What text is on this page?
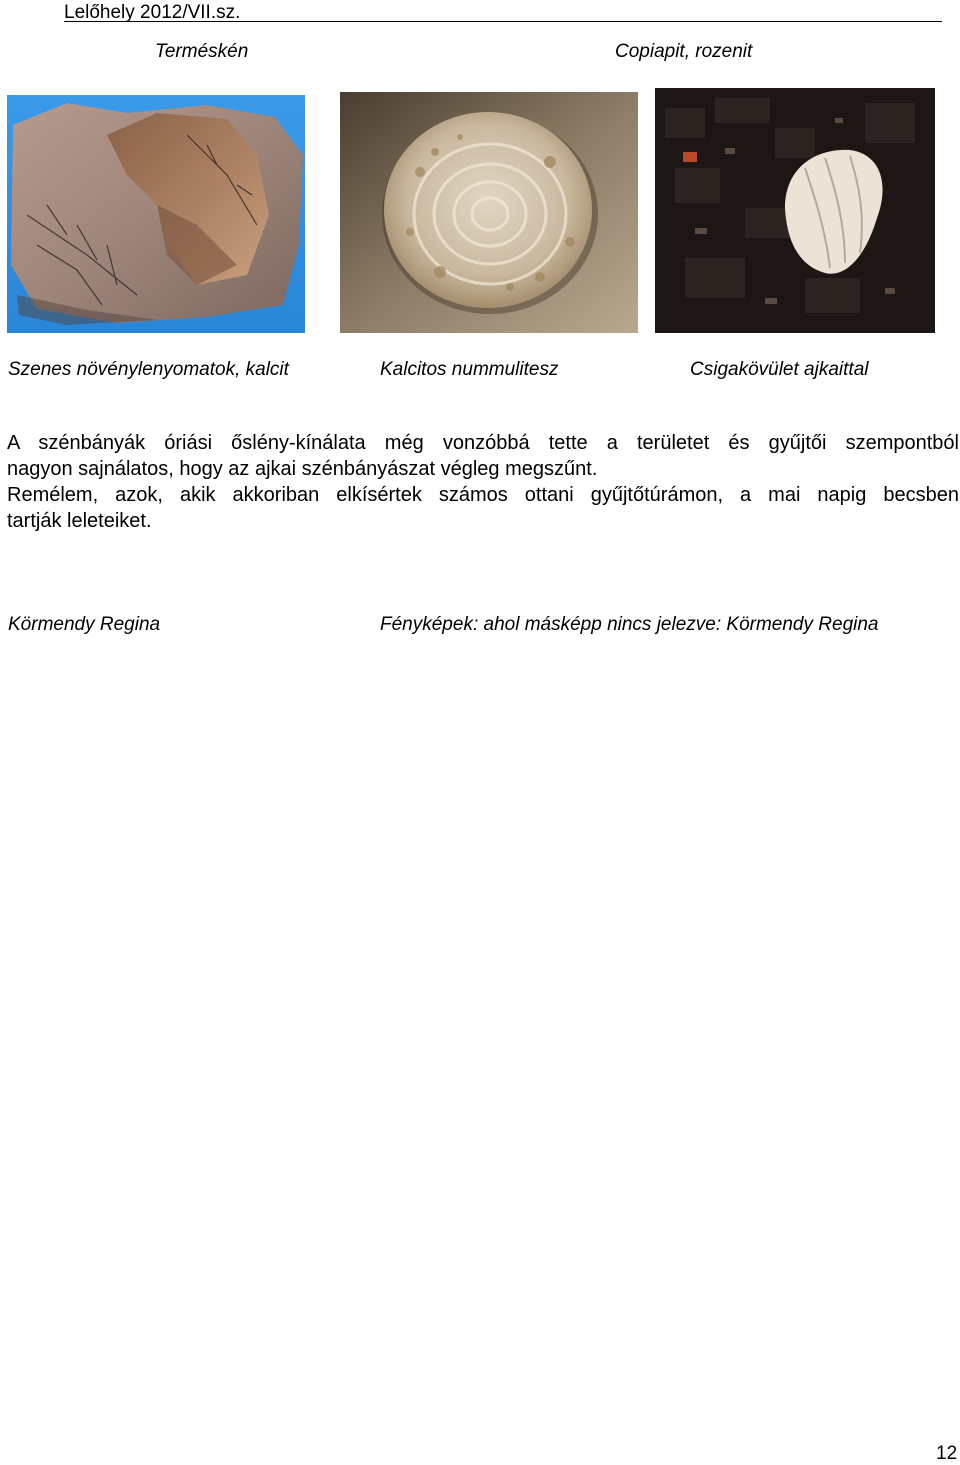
Lelőhely 2012/VII.sz.
Terméskén	Copiapit, rozenit
Szenes növénylenyomatok, kalcit	Kalcitos nummulitesz	Csigakövület ajkaittal

A szénbányák óriási őslény-kínálata még vonzóbbá tette a területet és gyűjtői szempontból
nagyon sajnálatos, hogy az ajkai szénbányászat végleg megszűnt.

Remélem, azok, akik akkoriban elkísértek számos ottani gyűjtőtúrámon, a mai napig becsben
tartják leleteiket.

Körmendy Regina	Fényképek: ahol másképp nincs jelezve: Körmendy Regina
12
